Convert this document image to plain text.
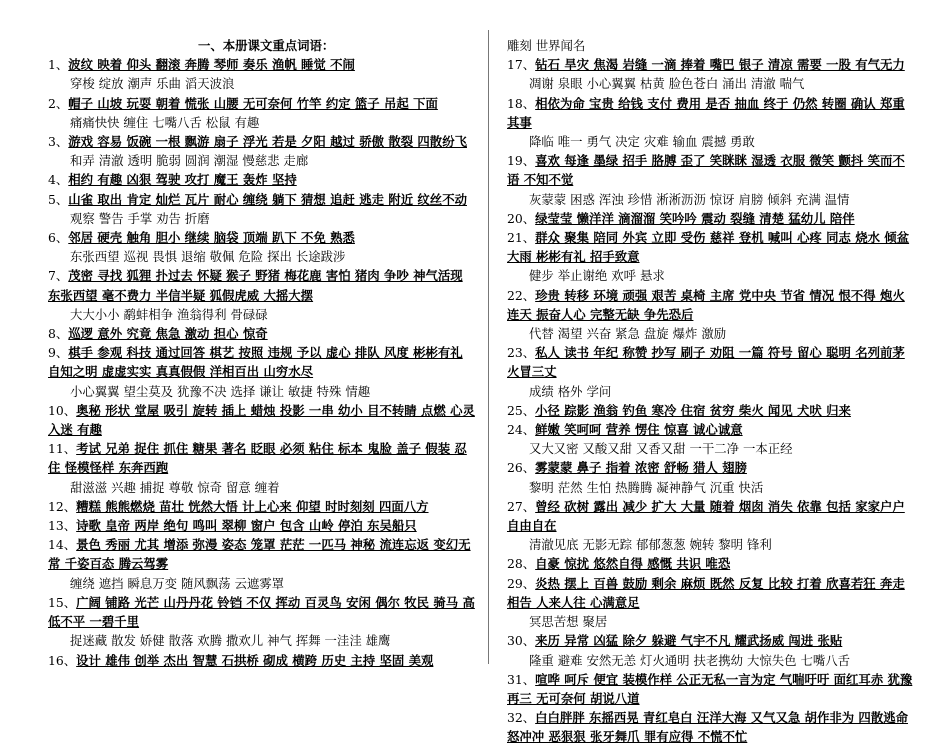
一、本册课文重点词语：

1、波纹 映着 仰头 翻滚 奔腾 琴师 奏乐 渔帆 睡觉 不闹

穿梭 绽放 潮声 乐曲 滔天波浪

2、帽子 山坡 玩耍 朝着 慌张 山腰 无可奈何 竹竿 约定 篮子 吊起 下面

痛痛快快 缠住 七嘴八舌 松鼠 有趣

3、游戏 容易 饭碗 一根 飘游 扇子 浮光 若是 夕阳 越过 骄傲 散裂 四散纷飞

和弄 清澈 透明 脆弱 圆润 潮湿 慢慈悲 走廊

4、相约 有趣 凶狠 驾驶 攻打 魔王 轰炸 坚持

5、山雀 取出 肯定 灿烂 瓦片 耐心 缠绕 躺下 猜想 追赶 逃走 附近 纹丝不动

观察 警告 手掌 劝告 折磨

6、邻居 硬壳 触角 胆小 继续 脑袋 顶端 趴下 不免 熟悉

东张西望 巡视 畏惧 退缩 敬佩 危险 探出 长途跋涉

7、茂密 寻找 狐狸 扑过去 怀疑 猴子 野猪 梅花鹿 害怕 猪肉 争吵 神气活现 东张西望 毫不费力 半信半疑 狐假虎威 大摇大摆

大大小小 鹬蚌相争 渔翁得利 骨碌碌

8、巡逻 意外 究竟 焦急 激动 担心 惊奇

9、棋手 参观 科技 通过回答 棋艺 按照 违规 予以 虚心 排队 风度 彬彬有礼 自知之明 虚虚实实 真真假假 洋相百出 山穷水尽

小心翼翼 望尘莫及 犹豫不决 选择 谦让 敏捷 特殊 情趣

10、奥秘 形状 堂屋 吸引 旋转 插上 蜡烛 投影 一串 幼小 目不转睛 点燃 心灵 入迷 有趣

11、考试 兄弟 捉住 抓住 糖果 著名 眨眼 必须 粘住 标本 鬼脸 盖子 假装 忍住 怪模怪样 东奔西跑

甜滋滋 兴趣 捕捉 尊敬 惊奇 留意 缠着

12、糟糕 熊熊燃烧 苗壮 恍然大悟 计上心来 仰望 时时刻刻 四面八方

13、诗歌 皇帝 两岸 绝句 鸣叫 翠柳 窗户 包含 山岭 停泊 东吴船只

14、景色 秀丽 尤其 增添 弥漫 姿态 笼罩 茫茫 一匹马 神秘 流连忘返 变幻无常 千姿百态 腾云驾雾

缠绕 遮挡 瞬息万变 随风飘荡 云遮雾罩

15、广阔 铺路 光芒 山丹丹花 铃铛 不仅 挥动 百灵鸟 安闲 偶尔 牧民 骑马 高低不平 一碧千里

捉迷藏 散发 娇健 散落 欢腾 撒欢儿 神气 挥舞 一洼洼 雄鹰

16、设计 雄伟 创举 杰出 智慧 石拱桥 砌成 横跨 历史 主持 坚固 美观

雕刻 世界闻名

17、钻石 旱灾 焦渴 岩缝 一滴 捧着 嘴巴 银子 清凉 需要 一股 有气无力

凋谢 泉眼 小心翼翼 枯黄 脸色苍白 涌出 清澈 喘气

18、相依为命 宝贵 给钱 支付 费用 是否 抽血 终于 仍然 转圈 确认 郑重其事

降临 唯一 勇气 决定 灾难 输血 震撼 勇敢

19、喜欢 每逢 墨绿 招手 胳膊 歪了 笑眯眯 湿透 衣服 微笑 颤抖 笑而不语 不知不觉

灰蒙蒙 困惑 浑浊 珍惜 淅淅沥沥 惊讶 肩膀 倾斜 充满 温情

20、绿莹莹 懒洋洋 滴溜溜 笑吟吟 震动 裂缝 清楚 猛幼儿 陪伴

21、群众 聚集 陪同 外宾 立即 受伤 慈祥 登机 喊叫 心疼 同志 烧水 倾盆大雨 彬彬有礼 招手致意

健步 举止谢绝 欢呼 悬求

22、珍贵 转移 环境 顽强 艰苦 桌椅 主席 党中央 节省 情况 恨不得 炮火连天 振奋人心 完整无缺 争先恐后

代替 渴望 兴奋 紧急 盘旋 爆炸 激励

23、私人 读书 年纪 称赞 抄写 刷子 劝阻 一篇 符号 留心 聪明 名列前茅 火冒三丈

成绩 格外 学问

25、小径 踪影 渔翁 钓鱼 寒冷 住宿 贫穷 柴火 闻见 犬吠 归来

24、鲜嫩 笑呵呵 营养 愣住 惊喜 诚心诚意

又大又密 又酸又甜 又香又甜 一干二净 一本正经

26、雾蒙蒙 鼻子 指着 浓密 舒畅 猎人 翅膀

黎明 茫然 生怕 热腾腾 凝神静气 沉重 快活

27、曾经 砍树 露出 减少 扩大 大量 随着 烟囱 消失 依靠 包括 家家户户 自由自在

清澈见底 无影无踪 郁郁葱葱 婉转 黎明 锋利

28、自豪 惊扰 悠然自得 感慨 共识 唯恐

29、炎热 摆上 百兽 鼓励 剩余 麻烦 既然 反复 比较 打着 欣喜若狂 奔走相告 人来人往 心满意足

冥思苦想 聚居

30、来历 异常 凶猛 除夕 躲避 气宇不凡 耀武扬威 闯进 张贴

隆重 避难 安然无恙 灯火通明 扶老携幼 大惊失色 七嘴八舌

31、喧哗 呵斥 便宜 装模作样 公正无私一言为定 气喘吁吁 面红耳赤 犹豫再三 无可奈何 胡说八道

32、白白胖胖 东摇西晃 青红皂白 汪洋大海 又气又急 胡作非为 四散逃命 怒冲冲 恶狠狠 张牙舞爪 罪有应得 不慌不忙
